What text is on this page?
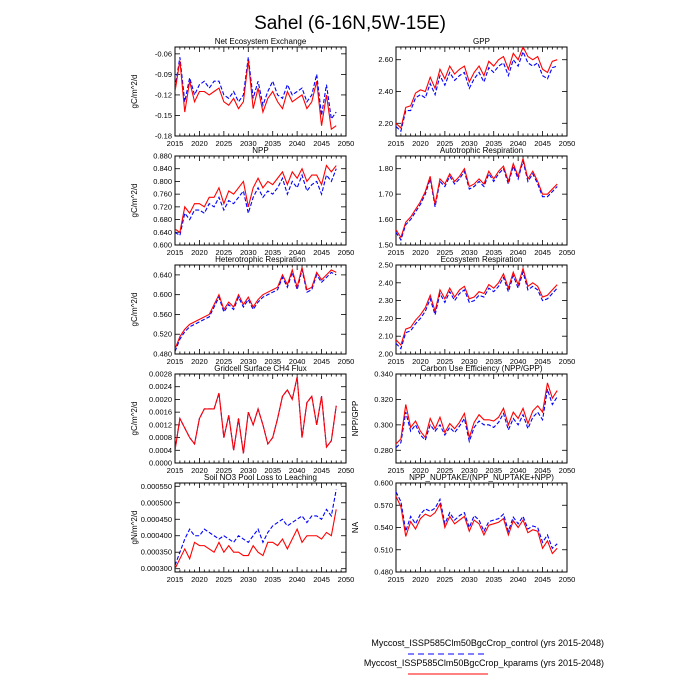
Sahel (6-16N,5W-15E)
Net Ecosystem Exchange
gC/m^2/d
2015 2020 2025 2030 2035 2040 2045 2050
-0.06
-0.09
-0.12
-0.15
-0.18
GPP
2015 2020 2025 2030 2035 2040 2045 2050
2.60
2.40
2.20
NPP
gC/m^2/d
2015 2020 2025 2030 2035 2040 2045 2050
0.880
0.840
0.800
0.760
0.720
0.680
0.640
0.600
Autotrophic Respiration
2015 2020 2025 2030 2035 2040 2045 2050
1.80
1.70
1.60
1.50
Heterotrophic Respiration
gC/m^2/d
2015 2020 2025 2030 2035 2040 2045 2050
0.640
0.600
0.560
0.520
0.480
Ecosystem Respiration
2015 2020 2025 2030 2035 2040 2045 2050
2.50
2.40
2.30
2.20
2.10
2.00
Gridcell Surface CH4 Flux
gC/m^2/d
2015 2020 2025 2030 2035 2040 2045 2050
0.0028
0.0024
0.0020
0.0016
0.0012
0.0008
0.0004
0.0000
Carbon Use Efficiency (NPP/GPP)
NPP/GPP
2015 2020 2025 2030 2035 2040 2045 2050
0.340
0.320
0.300
0.280
Soil NO3 Pool Loss to Leaching
gN/m^2/d
2015 2020 2025 2030 2035 2040 2045 2050
0.000550
0.000500
0.000450
0.000400
0.000350
0.000300
NPP_NUPTAKE/(NPP_NUPTAKE+NPP)
NA
2015 2020 2025 2030 2035 2040 2045 2050
0.600
0.570
0.540
0.510
0.480
Myccost_ISSP585Clm50BgcCrop_control (yrs 2015-2048)
Myccost_ISSP585Clm50BgcCrop_kparams (yrs 2015-2048)
